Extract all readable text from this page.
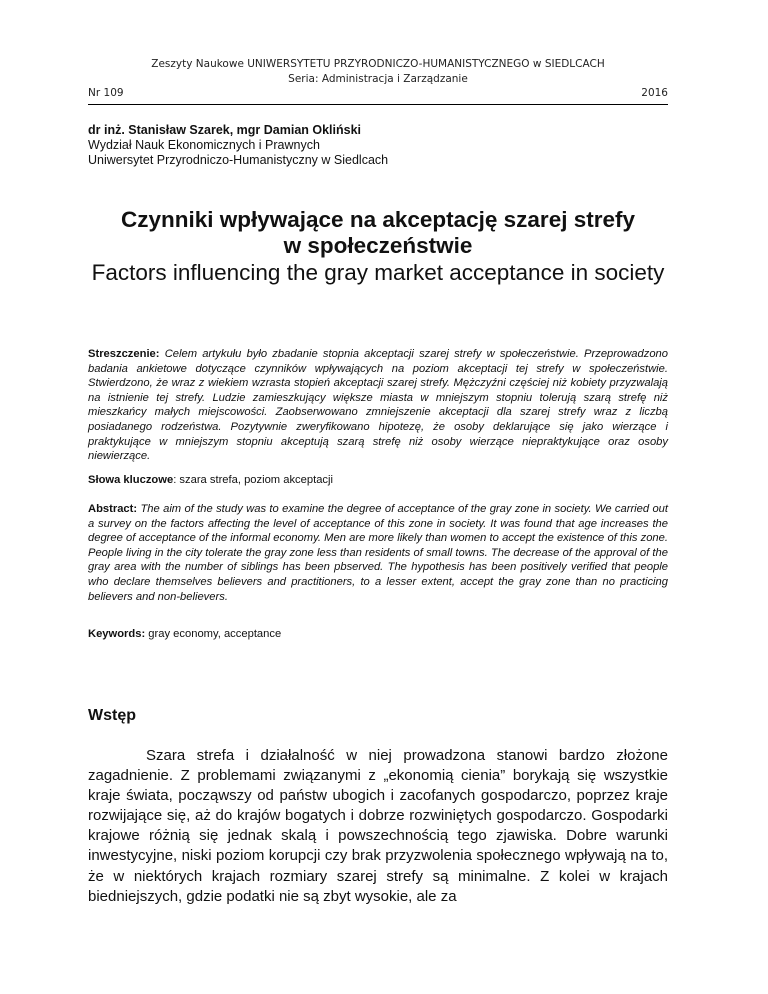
Zeszyty Naukowe UNIWERSYTETU PRZYRODNICZO-HUMANISTYCZNEGO w SIEDLCACH
Seria: Administracja i Zarządzanie
Nr 109	2016
dr inż. Stanisław Szarek, mgr Damian Okliński
Wydział Nauk Ekonomicznych i Prawnych
Uniwersytet Przyrodniczo-Humanistyczny w Siedlcach
Czynniki wpływające na akceptację szarej strefy
w społeczeństwie
Factors influencing the gray market acceptance in society
Streszczenie: Celem artykułu było zbadanie stopnia akceptacji szarej strefy w społeczeństwie. Przeprowadzono badania ankietowe dotyczące czynników wpływających na poziom akceptacji tej strefy w społeczeństwie. Stwierdzono, że wraz z wiekiem wzrasta stopień akceptacji szarej strefy. Mężczyźni częściej niż kobiety przyzwalają na istnienie tej strefy. Ludzie zamieszkujący większe miasta w mniejszym stopniu tolerują szarą strefę niż mieszkańcy małych miejscowości. Zaobserwowano zmniejszenie akceptacji dla szarej strefy wraz z liczbą posiadanego rodzeństwa. Pozytywnie zweryfikowano hipotezę, że osoby deklarujące się jako wierzące i praktykujące w mniejszym stopniu akceptują szarą strefę niż osoby wierzące niepraktykujące oraz osoby niewierzące.
Słowa kluczowe: szara strefa, poziom akceptacji
Abstract: The aim of the study was to examine the degree of acceptance of the gray zone in society. We carried out a survey on the factors affecting the level of acceptance of this zone in society. It was found that age increases the degree of acceptance of the informal economy. Men are more likely than women to accept the existence of this zone. People living in the city tolerate the gray zone less than residents of small towns. The decrease of the approval of the gray area with the number of siblings has been pbserved. The hypothesis has been positively verified that people who declare themselves believers and practitioners, to a lesser extent, accept the gray zone than no practicing believers and non-believers.
Keywords: gray economy, acceptance
Wstęp
Szara strefa i działalność w niej prowadzona stanowi bardzo złożone zagadnienie. Z problemami związanymi z „ekonomią cienia” borykają się wszystkie kraje świata, począwszy od państw ubogich i zacofanych gospodarczo, poprzez kraje rozwijające się, aż do krajów bogatych i dobrze rozwiniętych gospodarczo. Gospodarki krajowe różnią się jednak skalą i powszechnością tego zjawiska. Dobre warunki inwestycyjne, niski poziom korupcji czy brak przyzwolenia społecznego wpływają na to, że w niektórych krajach rozmiary szarej strefy są minimalne. Z kolei w krajach biedniejszych, gdzie podatki nie są zbyt wysokie, ale za
